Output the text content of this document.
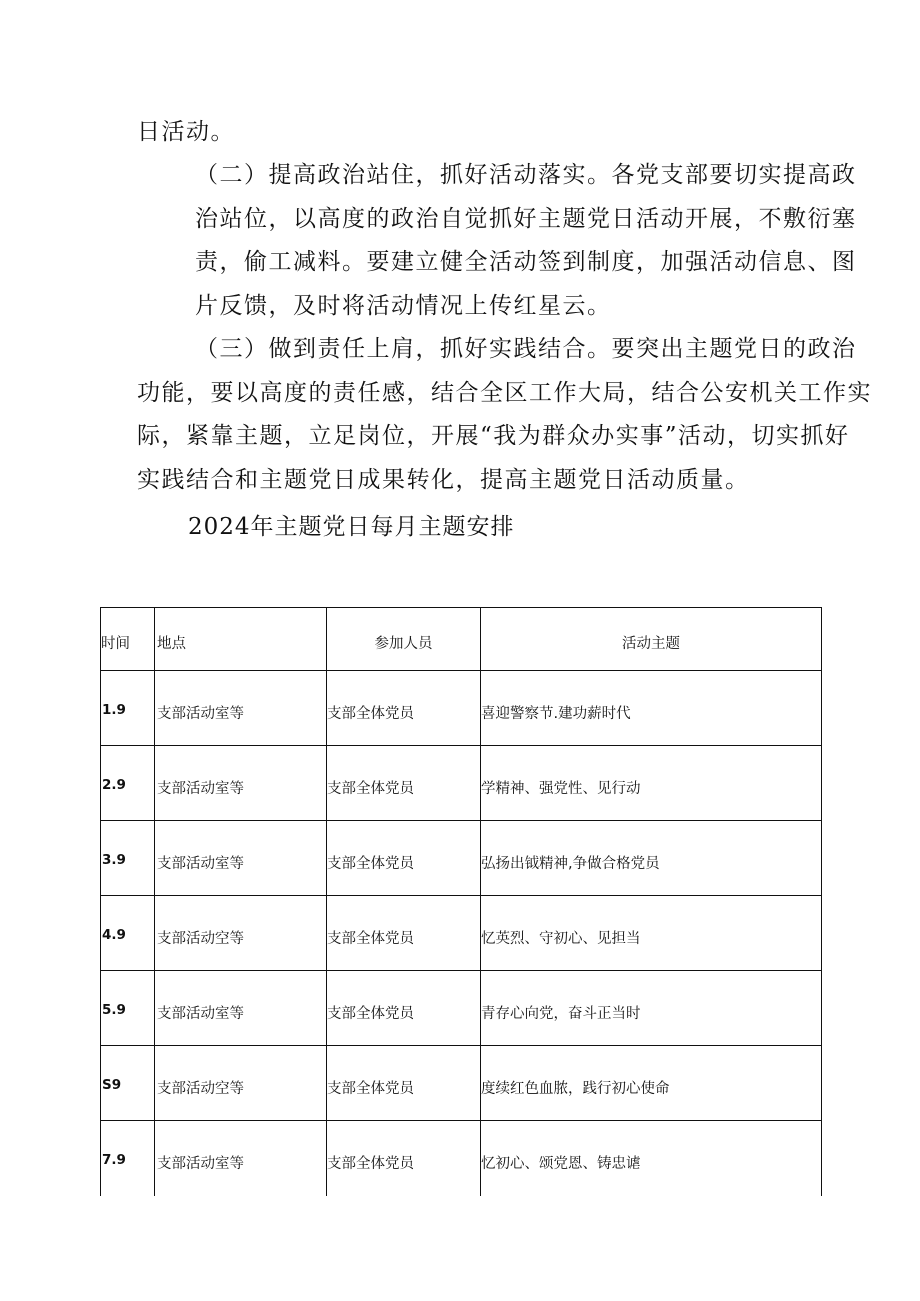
日活动。

（二）提高政治站住，抓好活动落实。各党支部要切实提高政
治站位，以高度的政治自觉抓好主题党日活动开展，不敷衍塞
责，偷工减料。要建立健全活动签到制度，加强活动信息、图
片反馈，及时将活动情况上传红星云。

（三）做到责任上肩，抓好实践结合。要突出主题党日的政治
功能，要以高度的责任感，结合全区工作大局，结合公安机关工作实
际，紧靠主题，立足岗位，开展“我为群众办实事”活动，切实抓好
实践结合和主题党日成果转化，提高主题党日活动质量。

2024年主题党日每月主题安排
时间	地点	参加人员	活动主题
1.9	支部活动室等	支部全体党员	喜迎警察节.建功薪时代
2.9	支部活动室等	支部全体党员	学精神、强党性、见行动
3.9	支部活动室等	支部全体党员	弘扬出钺精神,争做合格党员
4.9	支部活动空等	支部全体党员	忆英烈、守初心、见担当
5.9	支部活动室等	支部全体党员	青存心向党，奋斗正当时
S9	支部活动空等	支部全体党员	度续红色血脓，践行初心使命
7.9	支部活动室等	支部全体党员	忆初心、颂党恩、铸忠谑
